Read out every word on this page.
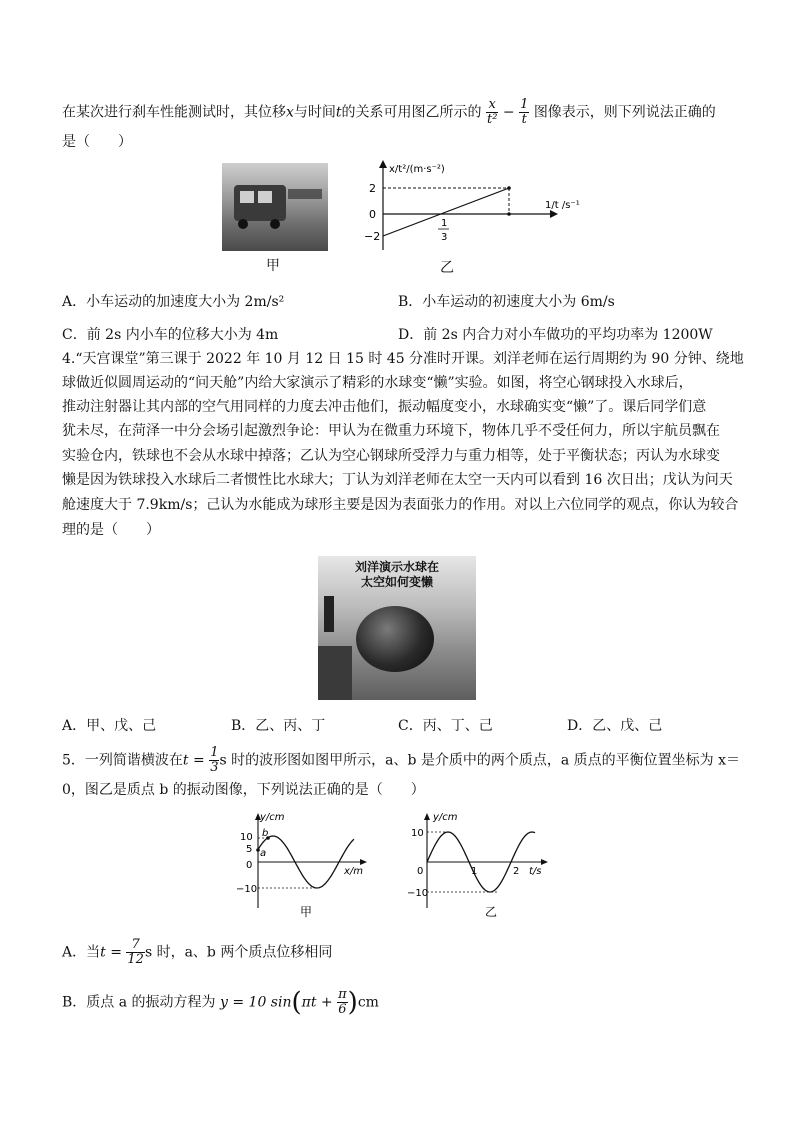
在某次进行刹车性能测试时，其位移x与时间t的关系可用图乙所示的 $\frac{x}{\text{t²}} - \frac{1}{t}$ 图像表示，则下列说法正确的
是（　　）
甲
x/t²/(m·s⁻²)
1/t /s⁻¹
2
0
−2
1
3
乙
A．小车运动的加速度大小为 2m/s²	B．小车运动的初速度大小为 6m/s
C．前 2s 内小车的位移大小为 4m	D．前 2s 内合力对小车做功的平均功率为 1200W
4.“天宫课堂”第三课于 2022 年 10 月 12 日 15 时 45 分准时开课。刘洋老师在运行周期约为 90 分钟、绕地
球做近似圆周运动的“问天舱”内给大家演示了精彩的水球变“懒”实验。如图，将空心钢球投入水球后，
推动注射器让其内部的空气用同样的力度去冲击他们，振动幅度变小，水球确实变“懒”了。课后同学们意
犹未尽，在菏泽一中分会场引起激烈争论：甲认为在微重力环境下，物体几乎不受任何力，所以宇航员飘在
实验仓内，铁球也不会从水球中掉落；乙认为空心钢球所受浮力与重力相等，处于平衡状态；丙认为水球变
懒是因为铁球投入水球后二者惯性比水球大；丁认为刘洋老师在太空一天内可以看到 16 次日出；戊认为问天
舱速度大于 7.9km/s；己认为水能成为球形主要是因为表面张力的作用。对以上六位同学的观点，你认为较合
理的是（　　）
刘洋演示水球在
太空如何变懒
A．甲、戊、己	B．乙、丙、丁	C．丙、丁、己	D．乙、戊、己
5．一列简谐横波在$t = \frac{1}{3}$ s 时的波形图如图甲所示，a、b 是介质中的两个质点，a 质点的平衡位置坐标为 x＝
0，图乙是质点 b 的振动图像，下列说法正确的是（　　）
y/cm
x/m
10
5
0
−10
a
b
甲
y/cm
t/s
10
0
−10
1	2
乙
A．当$t = \frac{7}{12}$ s 时，a、b 两个质点位移相同
B．质点 a 的振动方程为 y = 10 $\sin(\pi t + \frac{\pi}{6} )cm$
